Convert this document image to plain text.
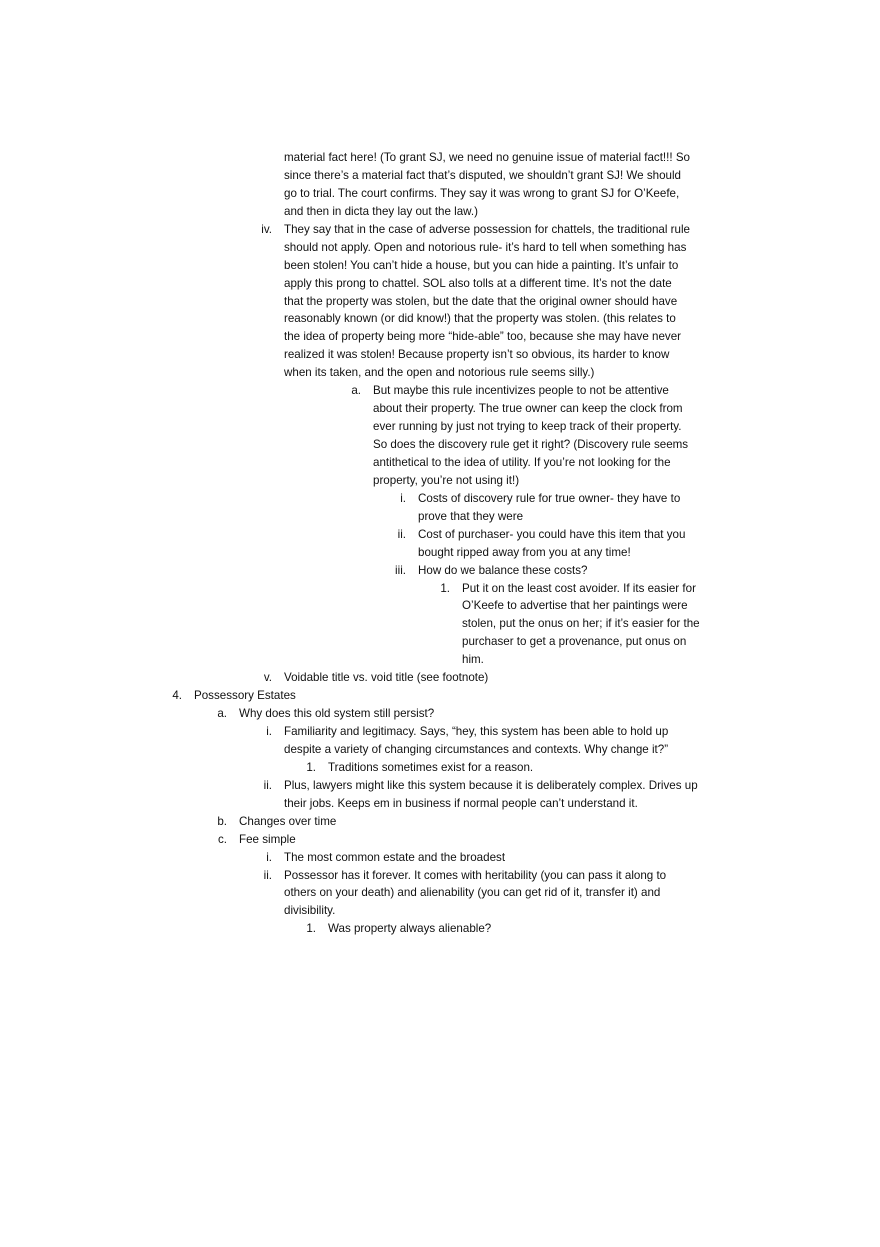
material fact here! (To grant SJ, we need no genuine issue of material fact!!! So
since there’s a material fact that’s disputed, we shouldn’t grant SJ! We should
go to trial. The court confirms. They say it was wrong to grant SJ for O’Keefe,
and then in dicta they lay out the law.)
iv. They say that in the case of adverse possession for chattels, the traditional rule
should not apply. Open and notorious rule- it’s hard to tell when something has
been stolen! You can’t hide a house, but you can hide a painting. It’s unfair to
apply this prong to chattel. SOL also tolls at a different time. It’s not the date
that the property was stolen, but the date that the original owner should have
reasonably known (or did know!) that the property was stolen. (this relates to
the idea of property being more “hide-able” too, because she may have never
realized it was stolen! Because property isn’t so obvious, its harder to know
when its taken, and the open and notorious rule seems silly.)
a. But maybe this rule incentivizes people to not be attentive
about their property. The true owner can keep the clock from
ever running by just not trying to keep track of their property.
So does the discovery rule get it right? (Discovery rule seems
antithetical to the idea of utility. If you’re not looking for the
property, you’re not using it!)
i. Costs of discovery rule for true owner- they have to
prove that they were
ii. Cost of purchaser- you could have this item that you
bought ripped away from you at any time!
iii. How do we balance these costs?
1. Put it on the least cost avoider. If its easier for
O’Keefe to advertise that her paintings were
stolen, put the onus on her; if it’s easier for the
purchaser to get a provenance, put onus on
him.
v. Voidable title vs. void title (see footnote)
4. Possessory Estates
a. Why does this old system still persist?
i. Familiarity and legitimacy. Says, “hey, this system has been able to hold up
despite a variety of changing circumstances and contexts. Why change it?”
1. Traditions sometimes exist for a reason.
ii. Plus, lawyers might like this system because it is deliberately complex. Drives up
their jobs. Keeps em in business if normal people can’t understand it.
b. Changes over time
c. Fee simple
i. The most common estate and the broadest
ii. Possessor has it forever. It comes with heritability (you can pass it along to
others on your death) and alienability (you can get rid of it, transfer it) and
divisibility.
1. Was property always alienable?
